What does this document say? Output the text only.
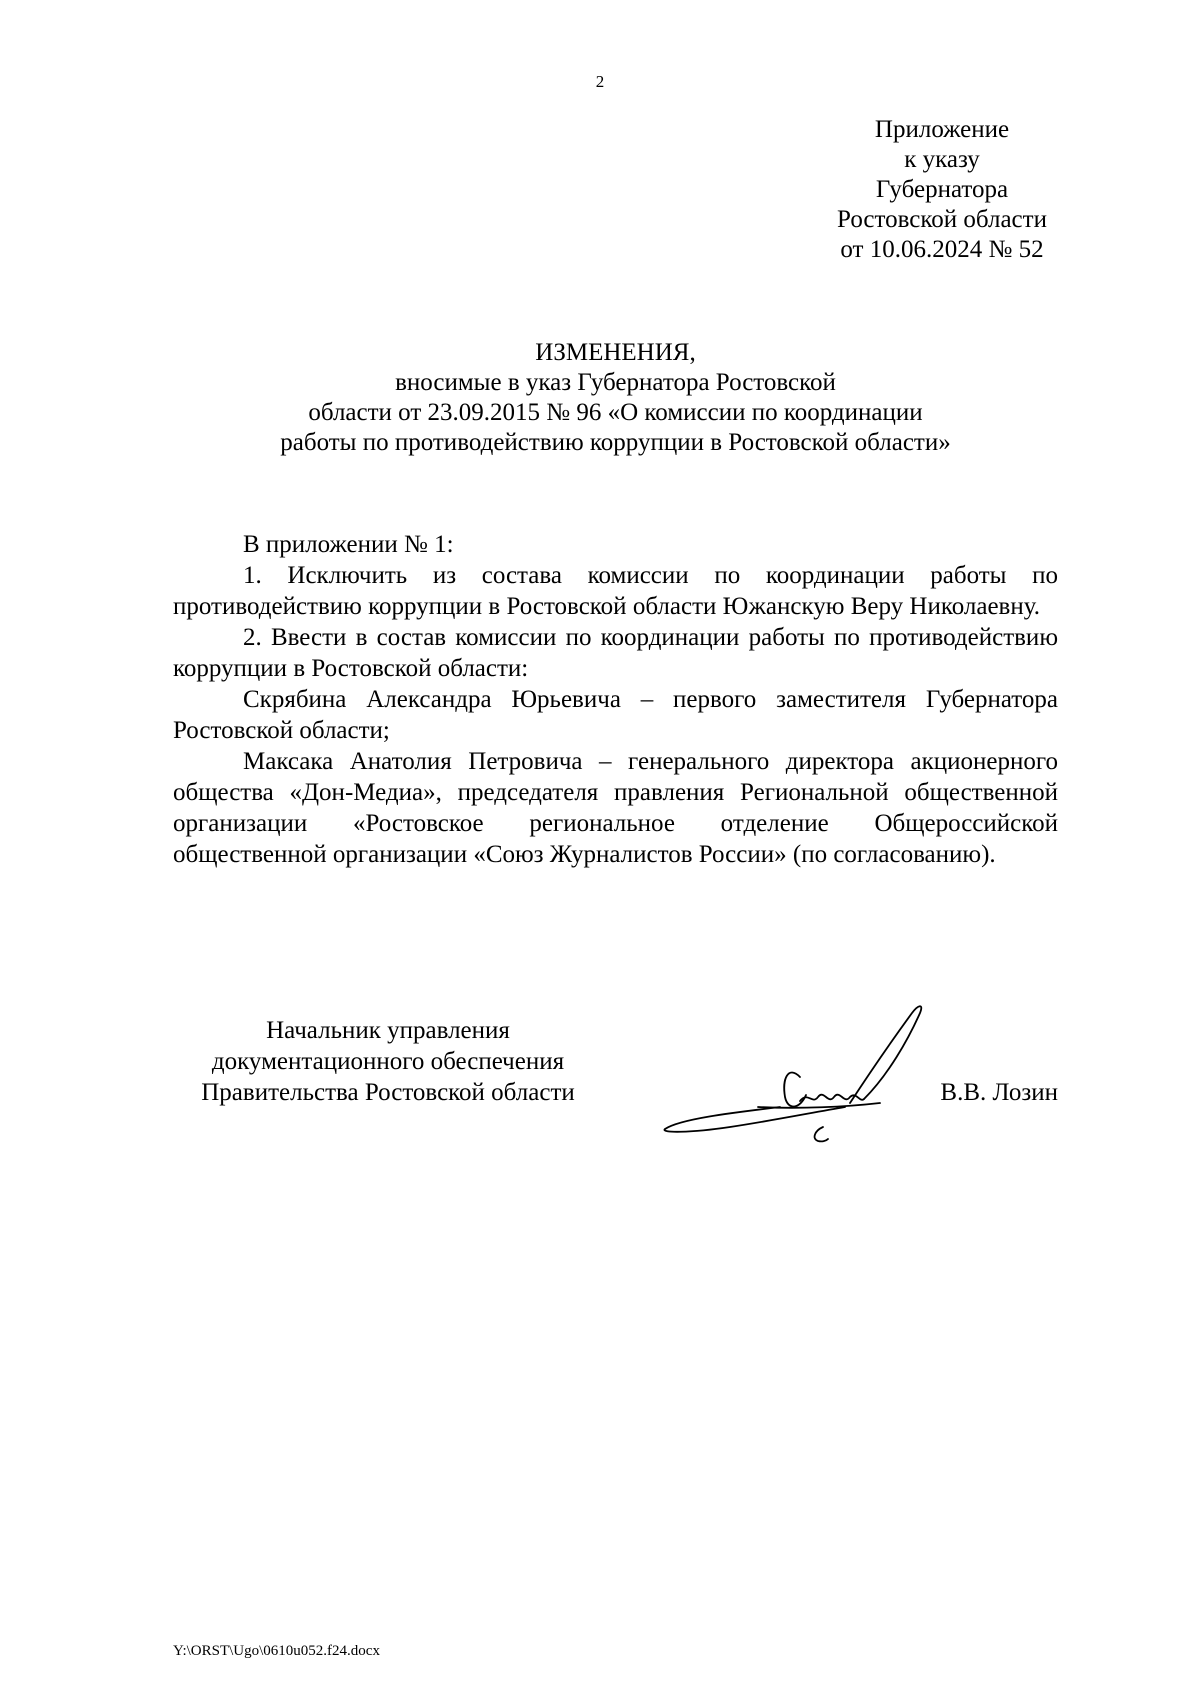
2
Приложение
к указу
Губернатора
Ростовской области
от 10.06.2024 № 52
ИЗМЕНЕНИЯ,
вносимые в указ Губернатора Ростовской
области от 23.09.2015 № 96 «О комиссии по координации
работы по противодействию коррупции в Ростовской области»

В приложении № 1:

1. Исключить из состава комиссии по координации работы по противодействию коррупции в Ростовской области Южанскую Веру Николаевну.

2. Ввести в состав комиссии по координации работы по противодействию коррупции в Ростовской области:

Скрябина Александра Юрьевича – первого заместителя Губернатора Ростовской области;

Максака Анатолия Петровича – генерального директора акционерного общества «Дон-Медиа», председателя правления Региональной общественной организации «Ростовское региональное отделение Общероссийской общественной организации «Союз Журналистов России» (по согласованию).

Начальник управления
документационного обеспечения
Правительства Ростовской области	В.В. Лозин
Y:\ORST\Ugo\0610u052.f24.docx
